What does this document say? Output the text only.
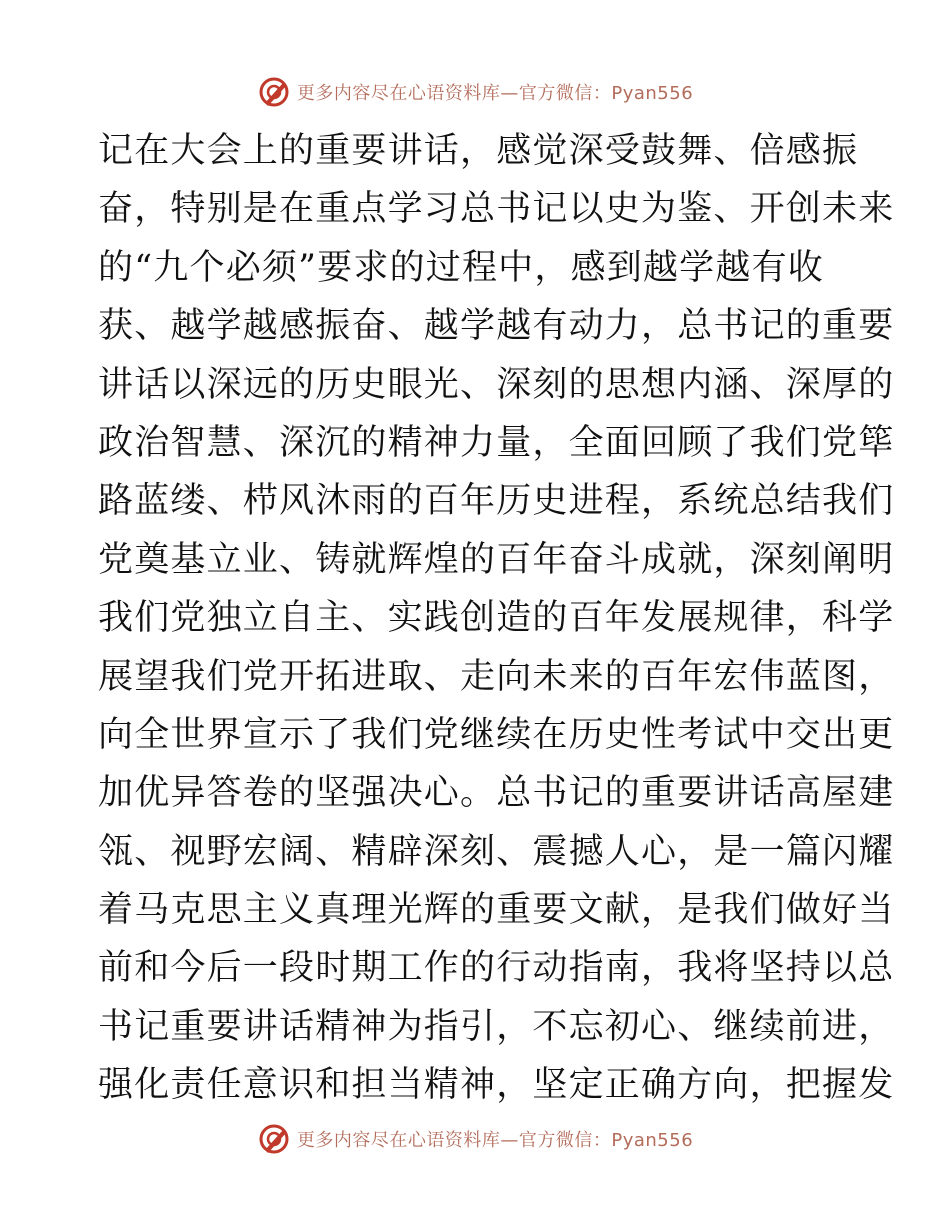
更多内容尽在心语资料库—官方微信：Pyan556
记在大会上的重要讲话，感觉深受鼓舞、倍感振
奋，特别是在重点学习总书记以史为鉴、开创未来
的“九个必须”要求的过程中，感到越学越有收
获、越学越感振奋、越学越有动力，总书记的重要
讲话以深远的历史眼光、深刻的思想内涵、深厚的
政治智慧、深沉的精神力量，全面回顾了我们党筚
路蓝缕、栉风沐雨的百年历史进程，系统总结我们
党奠基立业、铸就辉煌的百年奋斗成就，深刻阐明
我们党独立自主、实践创造的百年发展规律，科学
展望我们党开拓进取、走向未来的百年宏伟蓝图，
向全世界宣示了我们党继续在历史性考试中交出更
加优异答卷的坚强决心。总书记的重要讲话高屋建
瓴、视野宏阔、精辟深刻、震撼人心，是一篇闪耀
着马克思主义真理光辉的重要文献，是我们做好当
前和今后一段时期工作的行动指南，我将坚持以总
书记重要讲话精神为指引，不忘初心、继续前进，
强化责任意识和担当精神，坚定正确方向，把握发
更多内容尽在心语资料库—官方微信：Pyan556
